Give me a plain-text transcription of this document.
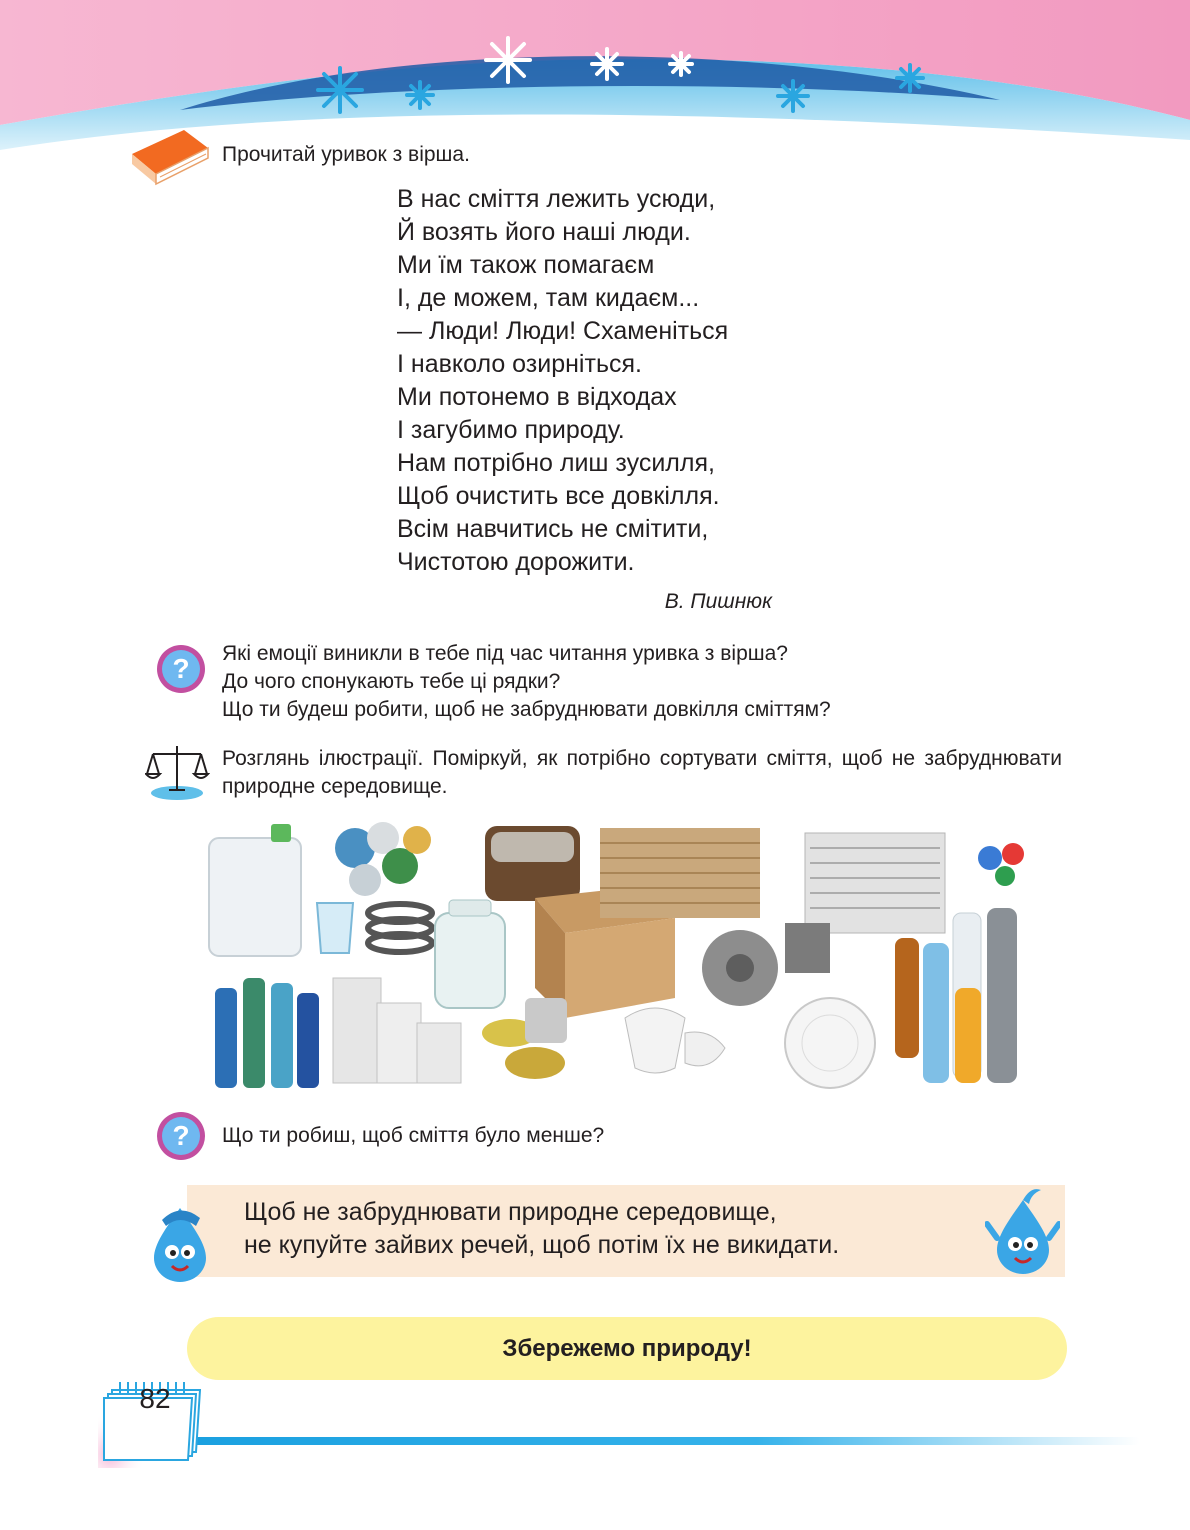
Прочитай уривок з вірша.
В нас сміття лежить усюди,
Й возять його наші люди.
Ми їм також помагаєм
І, де можем, там кидаєм...
— Люди! Люди! Схаменіться
І навколо озирніться.
Ми потонемо в відходах
І загубимо природу.
Нам потрібно лиш зусилля,
Щоб очистить все довкілля.
Всім навчитись не смітити,
Чистотою дорожити.
В. Пишнюк
? Які емоції виникли в тебе під час читання уривка з вірша?
До чого спонукають тебе ці рядки?
Що ти будеш робити, щоб не забруднювати довкілля сміттям?
Розглянь ілюстрації. Поміркуй, як потрібно сортувати сміття, щоб не забруднювати природне середовище.
? Що ти робиш, щоб сміття було менше?
Щоб не забруднювати природне середовище,
не купуйте зайвих речей, щоб потім їх не викидати.
Збережемо природу!
82
